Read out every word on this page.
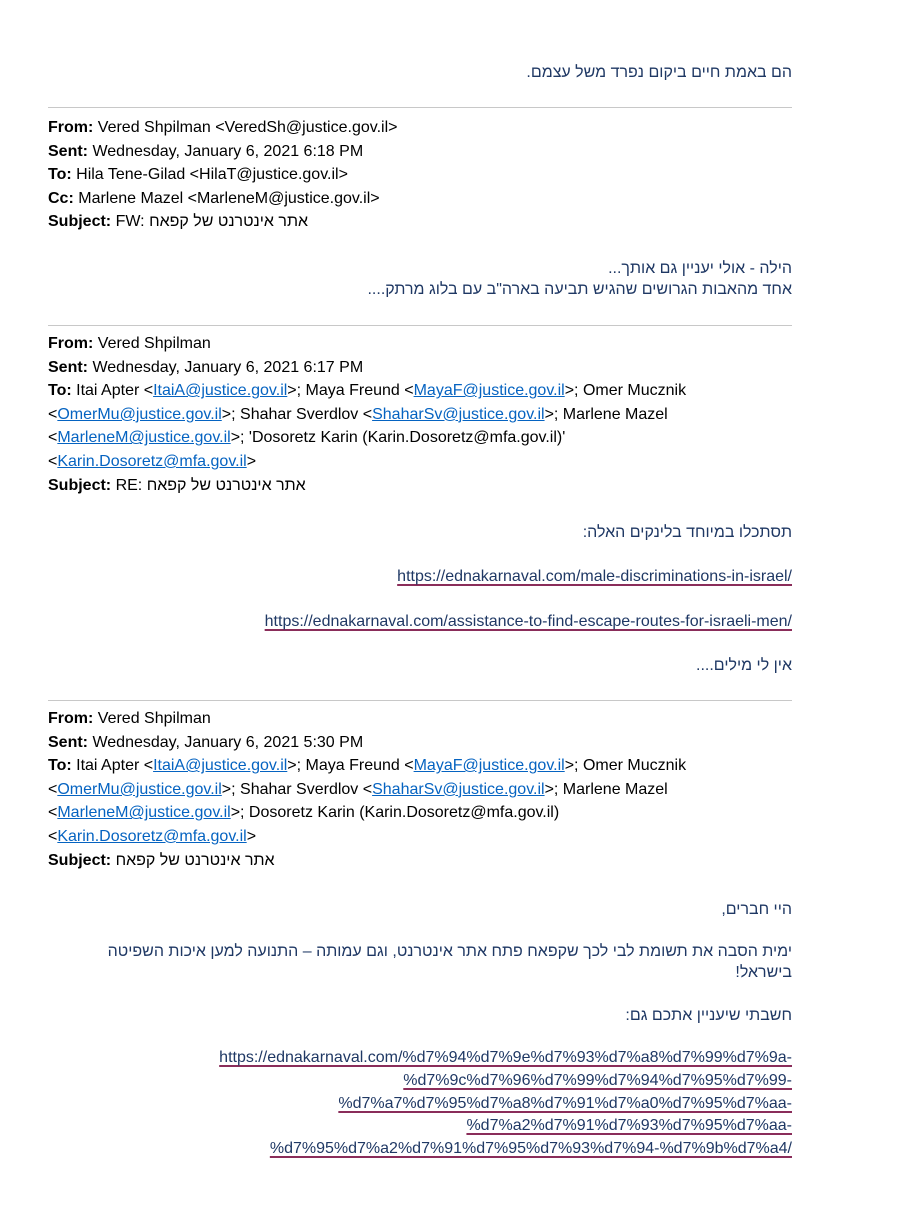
הם באמת חיים ביקום נפרד משל עצמם.
From: Vered Shpilman <VeredSh@justice.gov.il>
Sent: Wednesday, January 6, 2021 6:18 PM
To: Hila Tene-Gilad <HilaT@justice.gov.il>
Cc: Marlene Mazel <MarleneM@justice.gov.il>
Subject: FW: אתר אינטרנט של קפאח
הילה - אולי יעניין גם אותך...
אחד מהאבות הגרושים שהגיש תביעה בארה"ב עם בלוג מרתק....
From: Vered Shpilman
Sent: Wednesday, January 6, 2021 6:17 PM
To: Itai Apter <ItaiA@justice.gov.il>; Maya Freund <MayaF@justice.gov.il>; Omer Mucznik
<OmerMu@justice.gov.il>; Shahar Sverdlov <ShaharSv@justice.gov.il>; Marlene Mazel
<MarleneM@justice.gov.il>; 'Dosoretz Karin (Karin.Dosoretz@mfa.gov.il)'
<Karin.Dosoretz@mfa.gov.il>
Subject: RE: אתר אינטרנט של קפאח
תסתכלו במיוחד בלינקים האלה:
https://ednakarnaval.com/male-discriminations-in-israel/
https://ednakarnaval.com/assistance-to-find-escape-routes-for-israeli-men/
אין לי מילים....
From: Vered Shpilman
Sent: Wednesday, January 6, 2021 5:30 PM
To: Itai Apter <ItaiA@justice.gov.il>; Maya Freund <MayaF@justice.gov.il>; Omer Mucznik
<OmerMu@justice.gov.il>; Shahar Sverdlov <ShaharSv@justice.gov.il>; Marlene Mazel
<MarleneM@justice.gov.il>; Dosoretz Karin (Karin.Dosoretz@mfa.gov.il)
<Karin.Dosoretz@mfa.gov.il>
Subject: אתר אינטרנט של קפאח
היי חברים,
ימית הסבה את תשומת לבי לכך שקפאח פתח אתר אינטרנט, וגם עמותה – התנועה למען איכות השפיטה בישראל!
חשבתי שיעניין אתכם גם:
https://ednakarnaval.com/%d7%94%d7%9e%d7%93%d7%a8%d7%99%d7%9a-
%d7%9c%d7%96%d7%99%d7%94%d7%95%d7%99-
%d7%a7%d7%95%d7%a8%d7%91%d7%a0%d7%95%d7%aa-
%d7%a2%d7%91%d7%93%d7%95%d7%aa-
%d7%95%d7%a2%d7%91%d7%95%d7%93%d7%94-%d7%9b%d7%a4/
